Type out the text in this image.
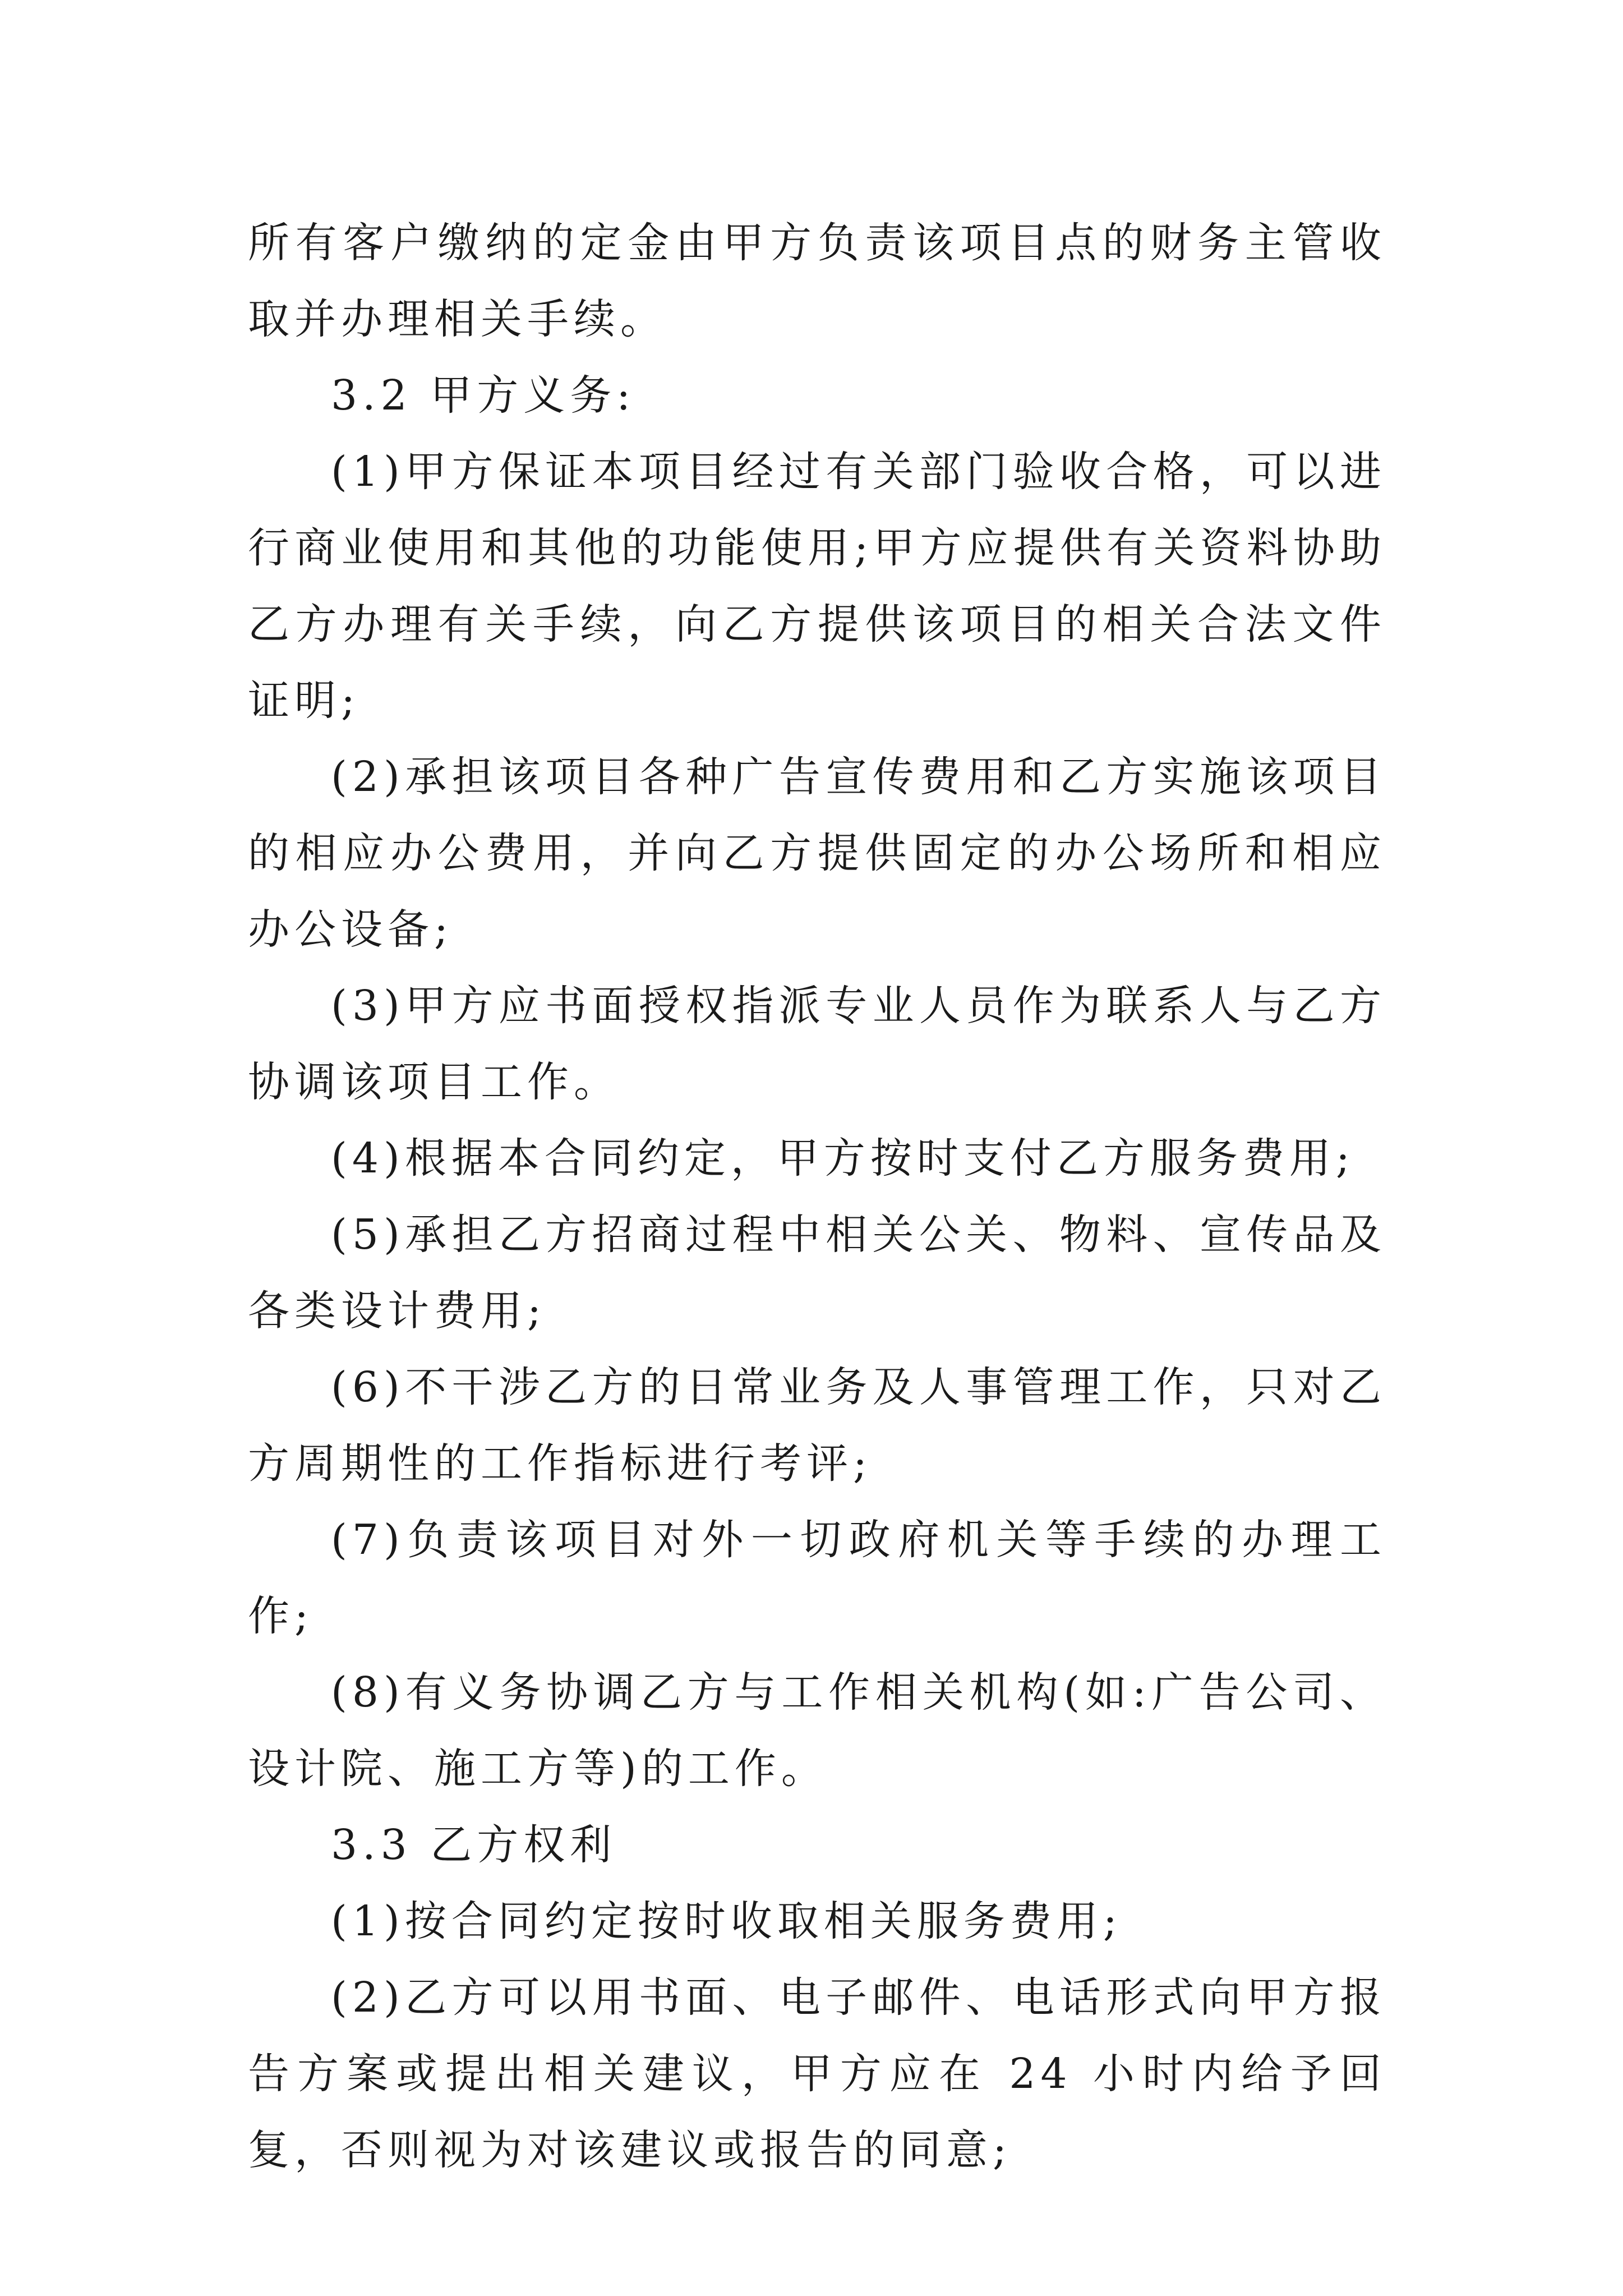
所有客户缴纳的定金由甲方负责该项目点的财务主管收取并办理相关手续。

3.2 甲方义务:

(1)甲方保证本项目经过有关部门验收合格，可以进行商业使用和其他的功能使用;甲方应提供有关资料协助乙方办理有关手续，向乙方提供该项目的相关合法文件证明;

(2)承担该项目各种广告宣传费用和乙方实施该项目的相应办公费用，并向乙方提供固定的办公场所和相应办公设备;

(3)甲方应书面授权指派专业人员作为联系人与乙方协调该项目工作。

(4)根据本合同约定，甲方按时支付乙方服务费用;

(5)承担乙方招商过程中相关公关、物料、宣传品及各类设计费用;

(6)不干涉乙方的日常业务及人事管理工作，只对乙方周期性的工作指标进行考评;

(7)负责该项目对外一切政府机关等手续的办理工作;

(8)有义务协调乙方与工作相关机构(如:广告公司、设计院、施工方等)的工作。

3.3 乙方权利

(1)按合同约定按时收取相关服务费用;

(2)乙方可以用书面、电子邮件、电话形式向甲方报告方案或提出相关建议，甲方应在 24 小时内给予回复，否则视为对该建议或报告的同意;
